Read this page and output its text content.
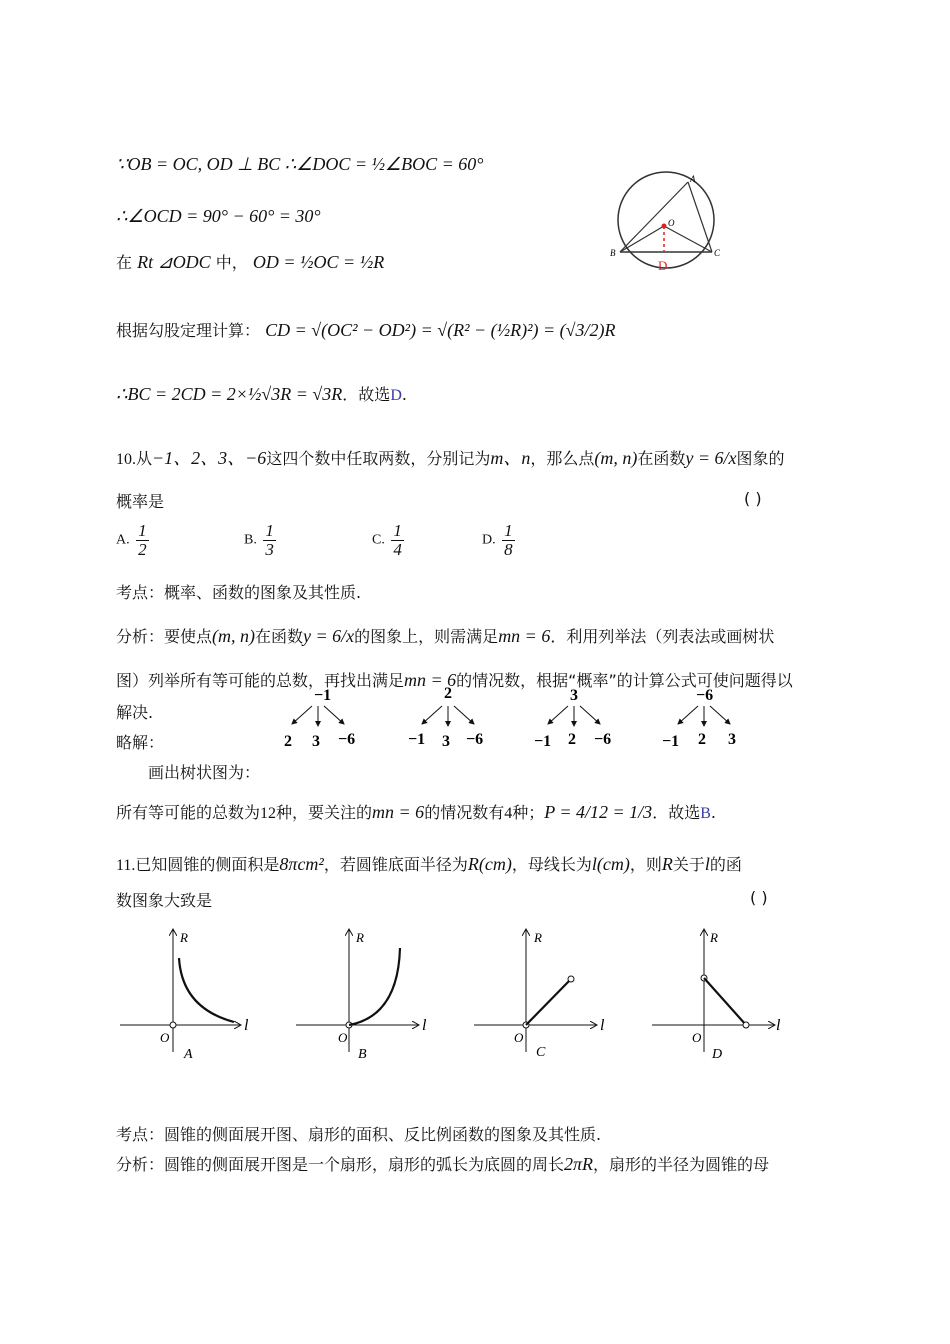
∵OB = OC, OD ⊥ BC ∴∠DOC = ½∠BOC = 60°
∴∠OCD = 90° − 60° = 30°
在 Rt ⊿ODC 中， OD = ½OC = ½R
根据勾股定理计算： CD = √(OC² − OD²) = √(R² − (½R)²) = (√3/2)R
∴BC = 2CD = 2×½√3R = √3R．故选D.
A
B	C
O
D
10.从−1、2、3、−6这四个数中任取两数，分别记为m、n，那么点(m, n)在函数y = 6/x图象的
概率是	( )
A. $\frac{1}{2}$	B. $\frac{1}{3}$	C. $\frac{1}{4}$	D. $\frac{1}{8}$
考点：概率、函数的图象及其性质.
分析：要使点(m, n)在函数y = 6/x的图象上，则需满足mn = 6．利用列举法（列表法或画树状
图）列举所有等可能的总数，再找出满足mn = 6的情况数，根据“概率”的计算公式可使问题得以
解决.
略解：
画出树状图为：
−1
2 3 −6
2
−1 3 −6
3
−1 2 −6
−6
−1 2 3
所有等可能的总数为12种，要关注的mn = 6的情况数有4种；P = 4/12 = 1/3．故选B.
11.已知圆锥的侧面积是8πcm²，若圆锥底面半径为R(cm)，母线长为l(cm)，则R关于l的函
数图象大致是	( )
R
l
O
A
R
l
O
B
R
l
O
C
R
l
O
D
考点：圆锥的侧面展开图、扇形的面积、反比例函数的图象及其性质.
分析：圆锥的侧面展开图是一个扇形，扇形的弧长为底圆的周长2πR，扇形的半径为圆锥的母
